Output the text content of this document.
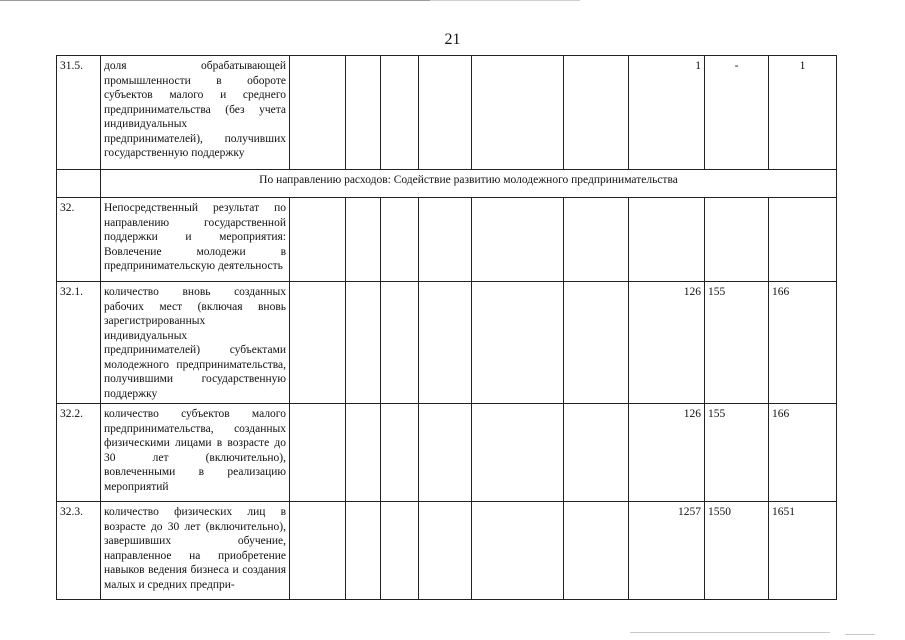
21
31.5.	доля обрабатывающей промышленности в обороте субъектов малого и среднего предпринимательства (без учета индивидуальных предпринимателей), получивших государственную поддержку							1	-	1
	По направлению расходов: Содействие развитию молодежного предпринимательства									
32.	Непосредственный результат по направлению государственной поддержки и мероприятия: Вовлечение молодежи в предпринимательскую деятельность									
32.1.	количество вновь созданных рабочих мест (включая вновь зарегистрированных индивидуальных предпринимателей) субъектами молодежного предпринимательства, получившими государственную поддержку							126	155	166
32.2.	количество субъектов малого предпринимательства, созданных физическими лицами в возрасте до 30 лет (включительно), вовлеченными в реализацию мероприятий							126	155	166
32.3.	количество физических лиц в возрасте до 30 лет (включительно), завершивших обучение, направленное на приобретение навыков ведения бизнеса и создания малых и средних предпри-							1257	1550	1651
